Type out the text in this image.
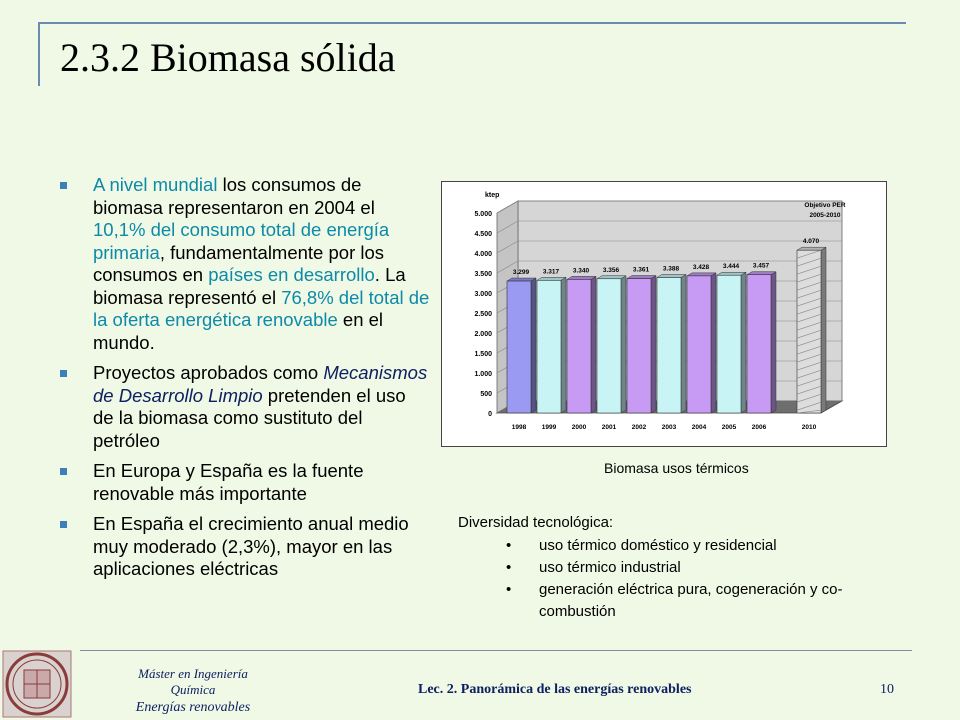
2.3.2 Biomasa sólida
A nivel mundial los consumos de biomasa representaron en 2004 el 10,1% del consumo total de energía primaria, fundamentalmente por los consumos en países en desarrollo. La biomasa representó el 76,8% del total de la oferta energética renovable en el mundo.
Proyectos aprobados como Mecanismos de Desarrollo Limpio pretenden el uso de la biomasa como sustituto del petróleo
En Europa y España es la fuente renovable más importante
En España el crecimiento anual medio muy moderado (2,3%), mayor en las aplicaciones eléctricas
0
500
1.000
1.500
2.000
2.500
3.000
3.500
4.000
4.500
5.000
ktep
3.299
1998
3.317
1999
3.340
2000
3.356
2001
3.361
2002
3.388
2003
3.428
2004
3.444
2005
3.457
2006
4.070
2010
Objetivo PER
2005-2010
Biomasa usos térmicos
Diversidad tecnológica:
• uso térmico doméstico y residencial
• uso térmico industrial
• generación eléctrica pura, cogeneración y co-combustión
Máster en Ingeniería Química
Energías renovables
Lec. 2. Panorámica de las energías renovables	10
